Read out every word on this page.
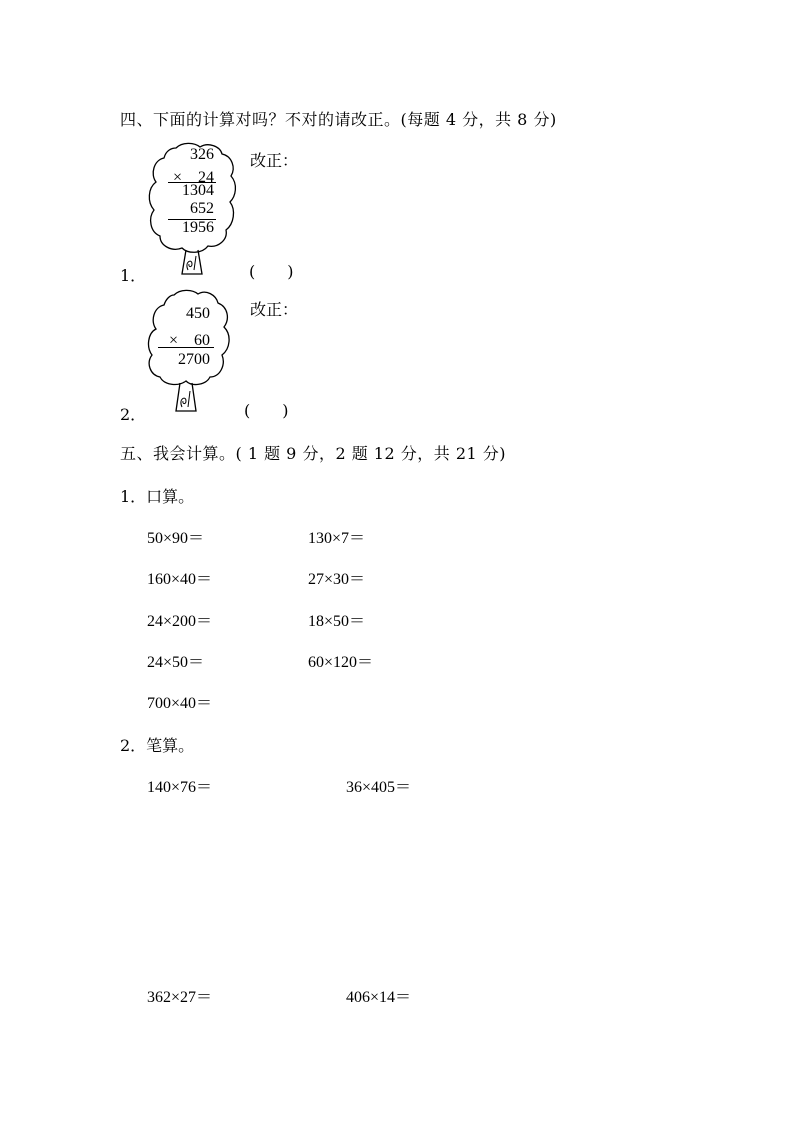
四、下面的计算对吗？不对的请改正。(每题 4 分，共 8 分)
326
×　24
1304
652
1956
改正：
1．	(　　)
450
×　60
2700
改正：
2．	(　　)
五、我会计算。( 1 题 9 分，2 题 12 分，共 21 分)
1．口算。
50×90＝	130×7＝
160×40＝	27×30＝
24×200＝	18×50＝
24×50＝	60×120＝
700×40＝
2．笔算。
140×76＝	36×405＝
362×27＝	406×14＝
